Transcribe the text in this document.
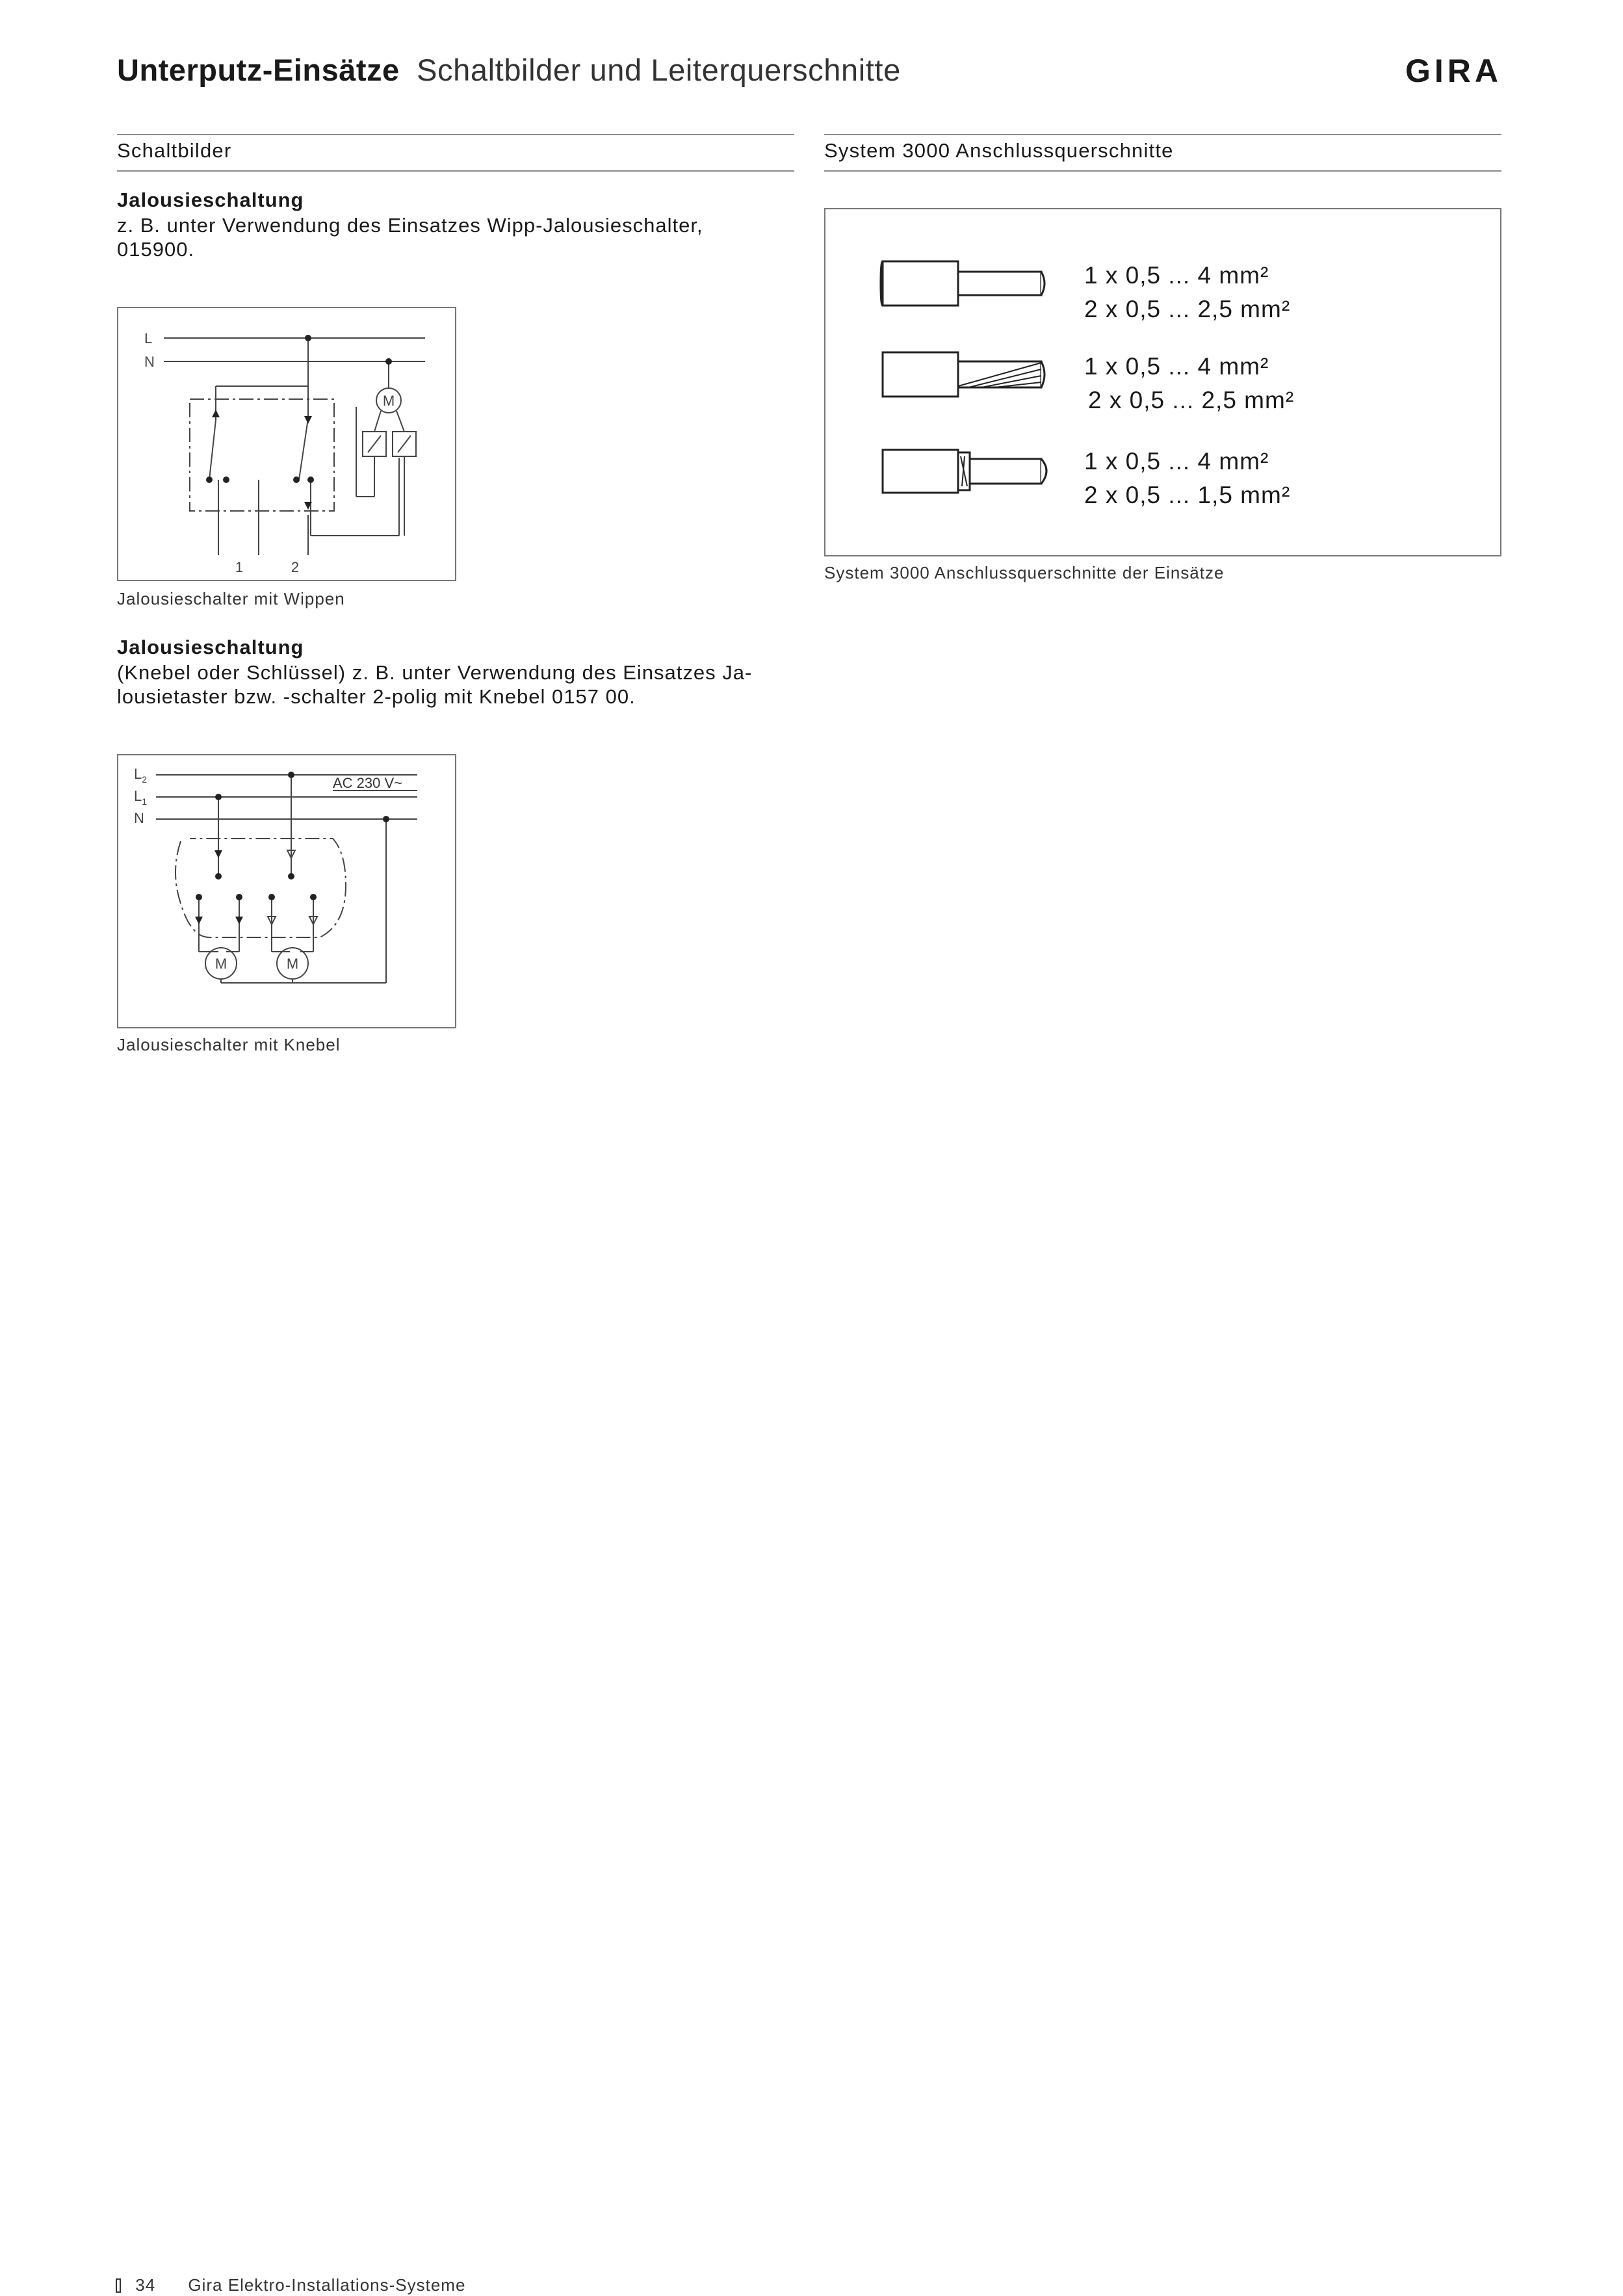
Unterputz-Einsätze Schaltbilder und Leiterquerschnitte	GIRA
Schaltbilder
Jalousieschaltung
z. B. unter Verwendung des Einsatzes Wipp-Jalousieschalter,
015900.
L
N
M
1	2
Jalousieschalter mit Wippen
Jalousieschaltung
(Knebel oder Schlüssel) z. B. unter Verwendung des Einsatzes Ja-
lousietaster bzw. -schalter 2-polig mit Knebel 0157 00.
$L_2$
$L_1$
N
AC 230 V~
M	M
Jalousieschalter mit Knebel
System 3000 Anschlussquerschnitte
1 x 0,5 ... 4 mm²
2 x 0,5 ... 2,5 mm²
1 x 0,5 ... 4 mm²
2 x 0,5 ... 2,5 mm²
1 x 0,5 ... 4 mm²
2 x 0,5 ... 1,5 mm²
System 3000 Anschlussquerschnitte der Einsätze
34 Gira Elektro-Installations-Systeme
